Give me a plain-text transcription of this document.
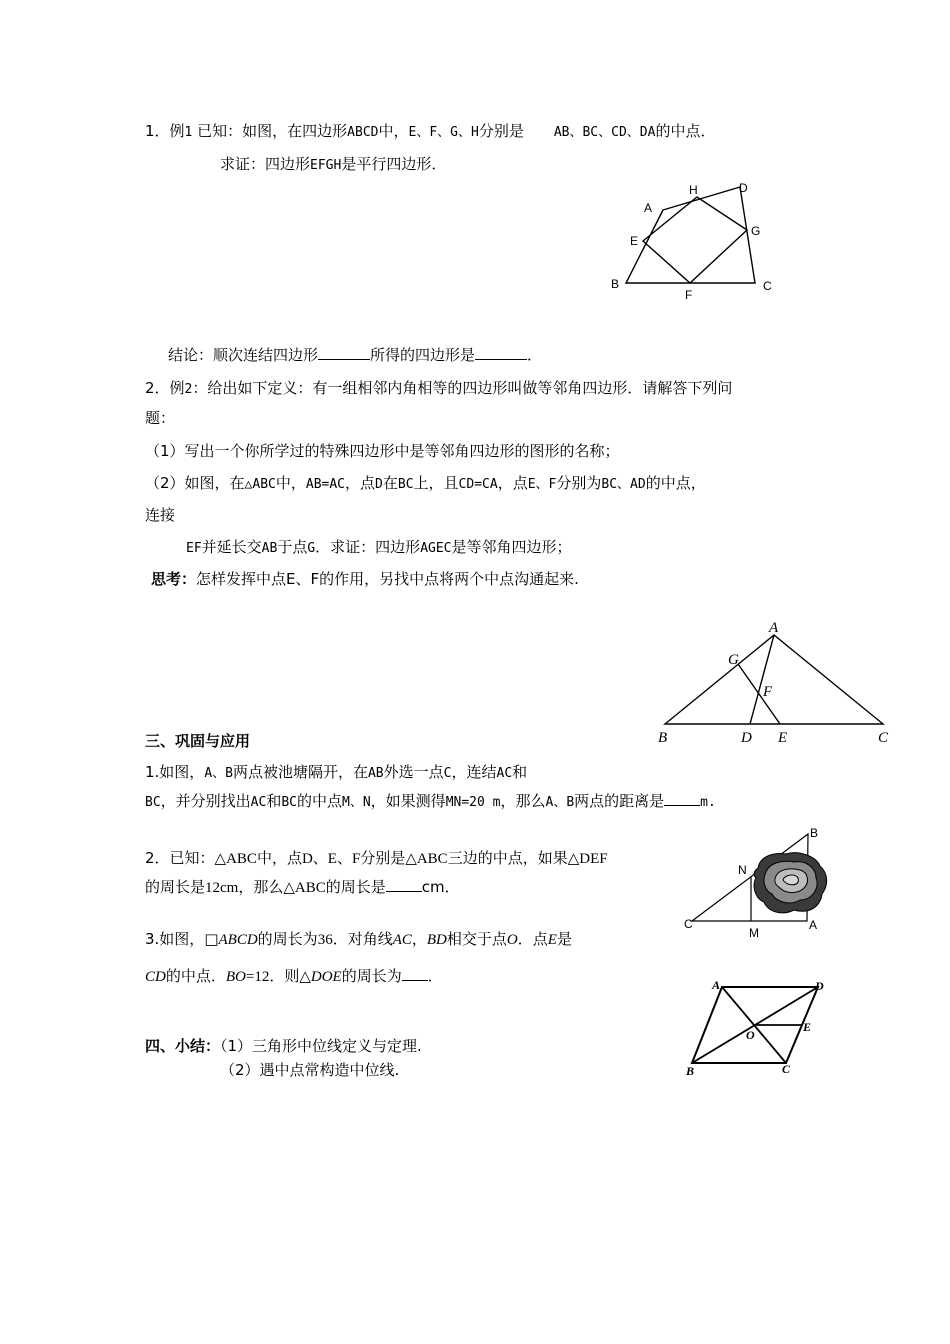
1．例1 已知：如图，在四边形ABCD中，E、F、G、H分别是 AB、BC、CD、DA的中点．
求证：四边形EFGH是平行四边形．
A
H	D
E
G
B
F
C
结论：顺次连结四边形	所得的四边形是	．
2．例2：给出如下定义：有一组相邻内角相等的四边形叫做等邻角四边形．请解答下列问
题：
（1）写出一个你所学过的特殊四边形中是等邻角四边形的图形的名称；
（2）如图，在△ABC中，AB=AC，点D在BC上，且CD=CA，点E、F分别为BC、AD的中点，
连接
EF并延长交AB于点G．求证：四边形AGEC是等邻角四边形；
思考：怎样发挥中点E、F的作用，另找中点将两个中点沟通起来.
A
G
F
B	D E	C
三、巩固与应用
1.如图，A、B两点被池塘隔开，在AB外选一点C，连结AC和
BC，并分别找出AC和BC的中点M、N，如果测得MN=20 m，那么A、B两点的距离是	m.
2．已知：△ABC中，点D、E、F分别是△ABC三边的中点，如果△DEF
的周长是12cm，那么△ABC的周长是 cm．
B
N
C
M
A
3.如图，□ABCD的周长为36．对角线AC，BD相交于点O．点E是
CD的中点．BO=12．则△DOE的周长为 ．	A	D
E
O
B	C
四、小结：（1）三角形中位线定义与定理.
（2）遇中点常构造中位线.
